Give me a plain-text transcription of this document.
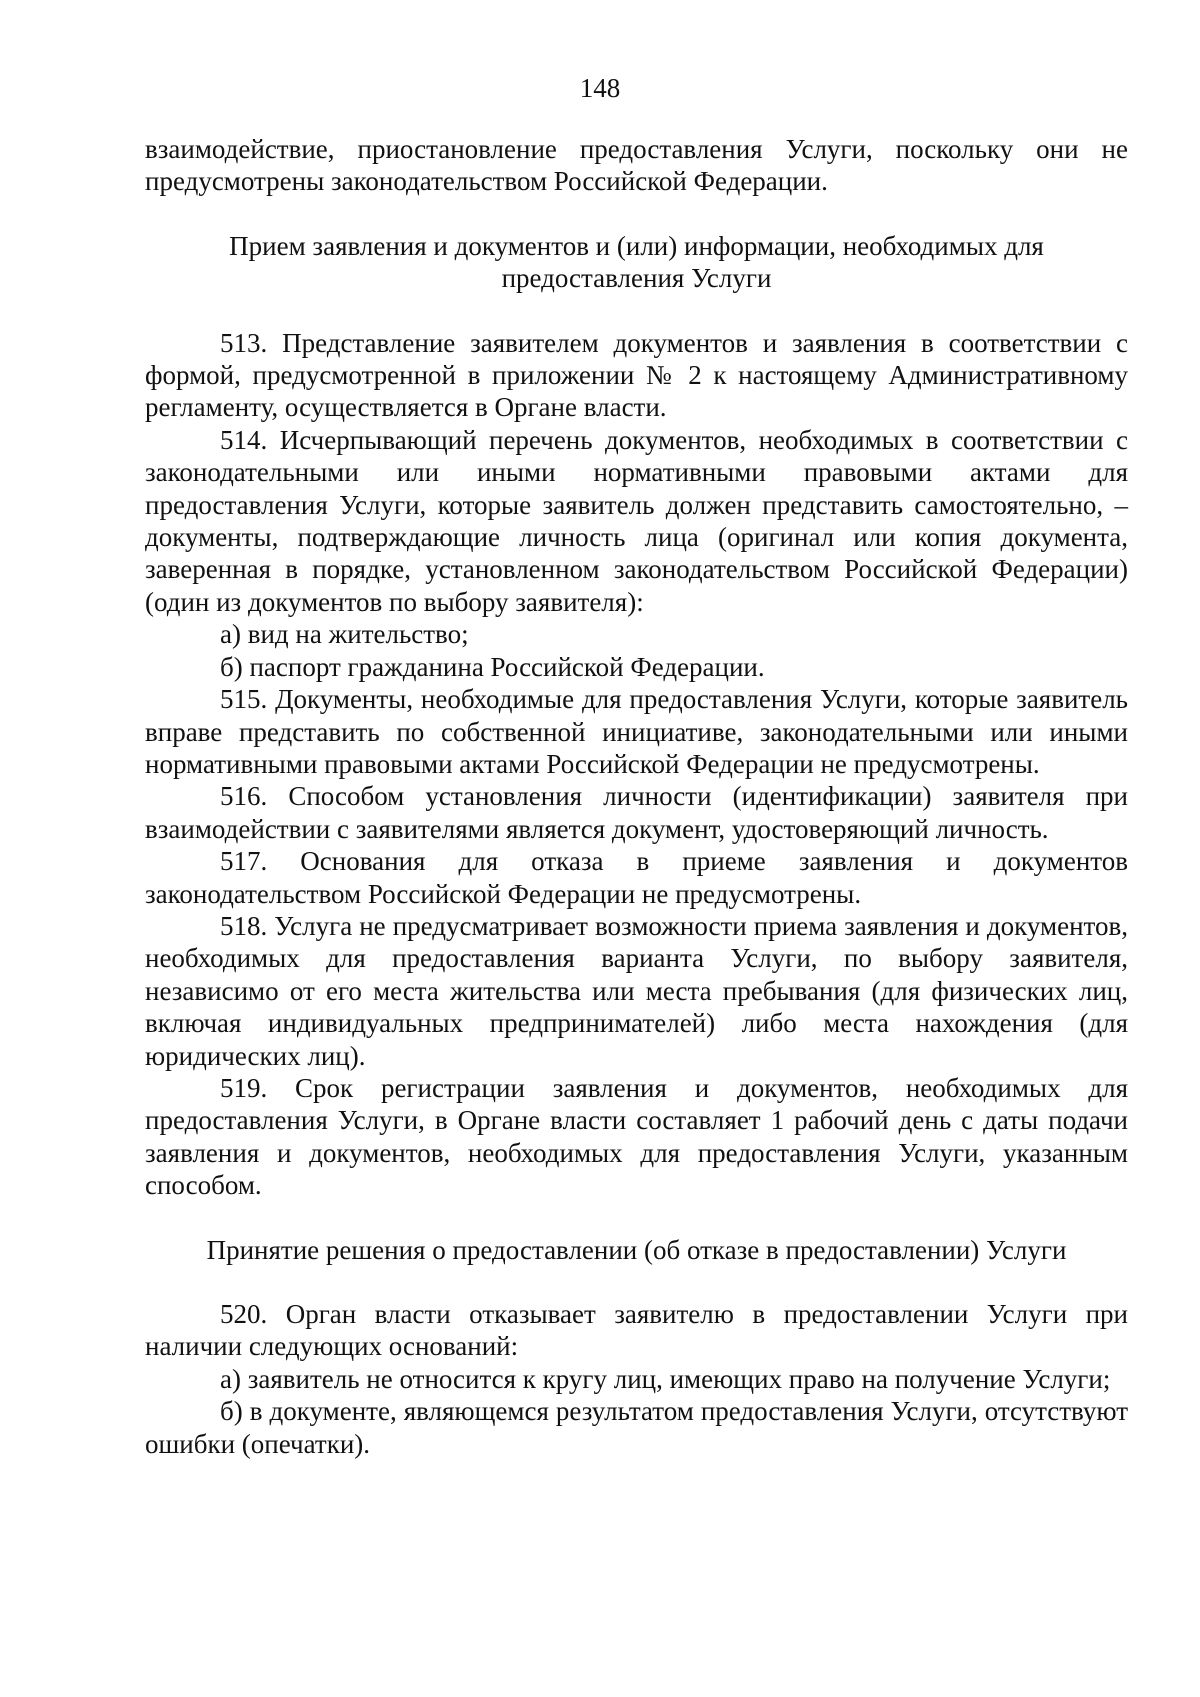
148

взаимодействие, приостановление предоставления Услуги, поскольку они не предусмотрены законодательством Российской Федерации.

Прием заявления и документов и (или) информации, необходимых для предоставления Услуги

513. Представление заявителем документов и заявления в соответствии с формой, предусмотренной в приложении № 2 к настоящему Административному регламенту, осуществляется в Органе власти.

514. Исчерпывающий перечень документов, необходимых в соответствии с законодательными или иными нормативными правовыми актами для предоставления Услуги, которые заявитель должен представить самостоятельно, – документы, подтверждающие личность лица (оригинал или копия документа, заверенная в порядке, установленном законодательством Российской Федерации) (один из документов по выбору заявителя):

а) вид на жительство;

б) паспорт гражданина Российской Федерации.

515. Документы, необходимые для предоставления Услуги, которые заявитель вправе представить по собственной инициативе, законодательными или иными нормативными правовыми актами Российской Федерации не предусмотрены.

516. Способом установления личности (идентификации) заявителя при взаимодействии с заявителями является документ, удостоверяющий личность.

517. Основания для отказа в приеме заявления и документов законодательством Российской Федерации не предусмотрены.

518. Услуга не предусматривает возможности приема заявления и документов, необходимых для предоставления варианта Услуги, по выбору заявителя, независимо от его места жительства или места пребывания (для физических лиц, включая индивидуальных предпринимателей) либо места нахождения (для юридических лиц).

519. Срок регистрации заявления и документов, необходимых для предоставления Услуги, в Органе власти составляет 1 рабочий день с даты подачи заявления и документов, необходимых для предоставления Услуги, указанным способом.

Принятие решения о предоставлении (об отказе в предоставлении) Услуги

520. Орган власти отказывает заявителю в предоставлении Услуги при наличии следующих оснований:

а) заявитель не относится к кругу лиц, имеющих право на получение Услуги;

б) в документе, являющемся результатом предоставления Услуги, отсутствуют ошибки (опечатки).
